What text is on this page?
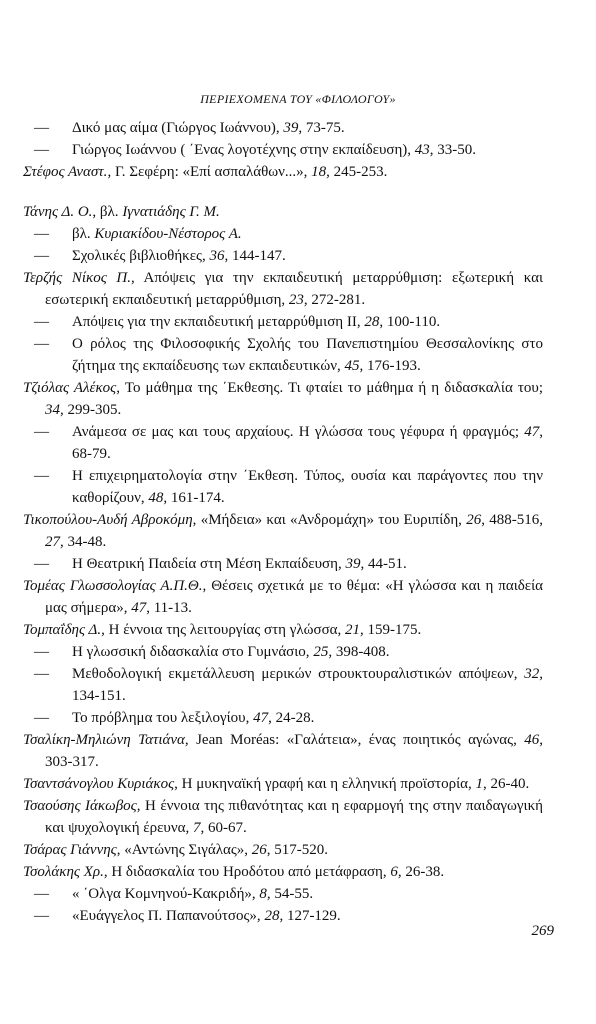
ΠΕΡΙΕΧΟΜΕΝΑ ΤΟΥ «ΦΙΛΟΛΟΓΟΥ»
— Δικό μας αίμα (Γιώργος Ιωάννου), 39, 73-75.
— Γιώργος Ιωάννου ( ΄Ενας λογοτέχνης στην εκπαίδευση), 43, 33-50.
Στέφος Αναστ., Γ. Σεφέρη: «Επί ασπαλάθων...», 18, 245-253.
Τάνης Δ. Ο., βλ. Ιγνατιάδης Γ. Μ.
— βλ. Κυριακίδου-Νέστορος Α.
— Σχολικές βιβλιοθήκες, 36, 144-147.
Τερζής Νίκος Π., Απόψεις για την εκπαιδευτική μεταρρύθμιση: εξωτερική και εσωτερική εκπαιδευτική μεταρρύθμιση, 23, 272-281.
— Απόψεις για την εκπαιδευτική μεταρρύθμιση ΙΙ, 28, 100-110.
— Ο ρόλος της Φιλοσοφικής Σχολής του Πανεπιστημίου Θεσσαλονίκης στο ζήτημα της εκπαίδευσης των εκπαιδευτικών, 45, 176-193.
Τζιόλας Αλέκος, Το μάθημα της ΄Εκθεσης. Τι φταίει το μάθημα ή η διδασκαλία του; 34, 299-305.
— Ανάμεσα σε μας και τους αρχαίους. Η γλώσσα τους γέφυρα ή φραγμός; 47, 68-79.
— Η επιχειρηματολογία στην ΄Εκθεση. Τύπος, ουσία και παράγοντες που την καθορίζουν, 48, 161-174.
Τικοπούλου-Αυδή Αβροκόμη, «Μήδεια» και «Ανδρομάχη» του Ευριπίδη, 26, 488-516, 27, 34-48.
— Η Θεατρική Παιδεία στη Μέση Εκπαίδευση, 39, 44-51.
Τομέας Γλωσσολογίας Α.Π.Θ., Θέσεις σχετικά με το θέμα: «Η γλώσσα και η παιδεία μας σήμερα», 47, 11-13.
Τομπαΐδης Δ., Η έννοια της λειτουργίας στη γλώσσα, 21, 159-175.
— Η γλωσσική διδασκαλία στο Γυμνάσιο, 25, 398-408.
— Μεθοδολογική εκμετάλλευση μερικών στρουκτουραλιστικών απόψεων, 32, 134-151.
— Το πρόβλημα του λεξιλογίου, 47, 24-28.
Τσαλίκη-Μηλιώνη Τατιάνα, Jean Moréas: «Γαλάτεια», ένας ποιητικός αγώνας, 46, 303-317.
Τσαντσάνογλου Κυριάκος, Η μυκηναϊκή γραφή και η ελληνική προϊστορία, 1, 26-40.
Τσαούσης Ιάκωβος, Η έννοια της πιθανότητας και η εφαρμογή της στην παιδαγωγική και ψυχολογική έρευνα, 7, 60-67.
Τσάρας Γιάννης, «Αντώνης Σιγάλας», 26, 517-520.
Τσολάκης Χρ., Η διδασκαλία του Ηροδότου από μετάφραση, 6, 26-38.
— « ΄Ολγα Κομνηνού-Κακριδή», 8, 54-55.
— «Ευάγγελος Π. Παπανούτσος», 28, 127-129.
269
